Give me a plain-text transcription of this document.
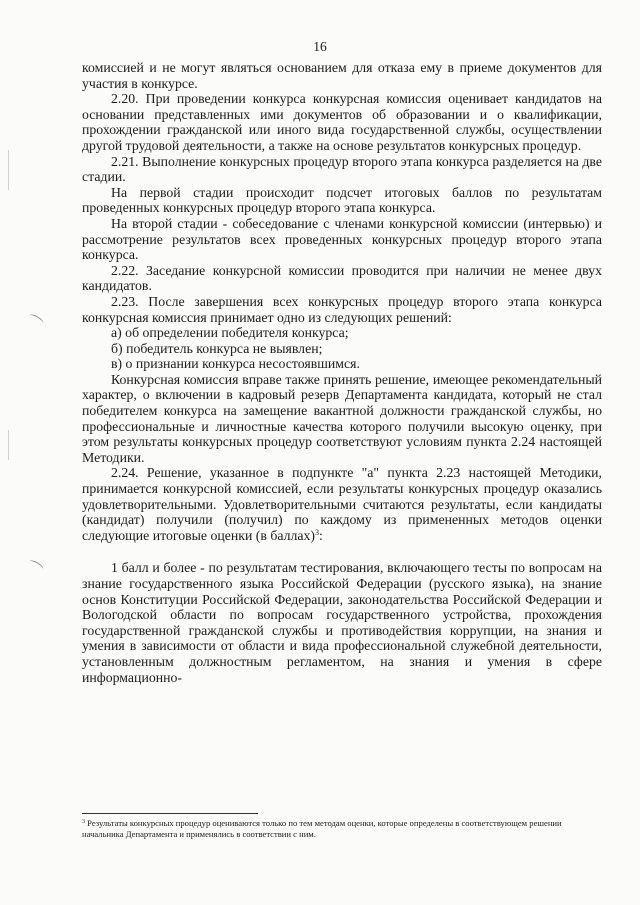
16

комиссией и не могут являться основанием для отказа ему в приеме документов для участия в конкурсе.

2.20. При проведении конкурса конкурсная комиссия оценивает кандидатов на основании представленных ими документов об образовании и о квалификации, прохождении гражданской или иного вида государственной службы, осуществлении другой трудовой деятельности, а также на основе результатов конкурсных процедур.

2.21. Выполнение конкурсных процедур второго этапа конкурса разделяется на две стадии.

На первой стадии происходит подсчет итоговых баллов по результатам проведенных конкурсных процедур второго этапа конкурса.

На второй стадии - собеседование с членами конкурсной комиссии (интервью) и рассмотрение результатов всех проведенных конкурсных процедур второго этапа конкурса.

2.22. Заседание конкурсной комиссии проводится при наличии не менее двух кандидатов.

2.23. После завершения всех конкурсных процедур второго этапа конкурса конкурсная комиссия принимает одно из следующих решений:

а) об определении победителя конкурса;

б) победитель конкурса не выявлен;

в) о признании конкурса несостоявшимся.

Конкурсная комиссия вправе также принять решение, имеющее рекомендательный характер, о включении в кадровый резерв Департамента кандидата, который не стал победителем конкурса на замещение вакантной должности гражданской службы, но профессиональные и личностные качества которого получили высокую оценку, при этом результаты конкурсных процедур соответствуют условиям пункта 2.24 настоящей Методики.

2.24. Решение, указанное в подпункте "а" пункта 2.23 настоящей Методики, принимается конкурсной комиссией, если результаты конкурсных процедур оказались удовлетворительными. Удовлетворительными считаются результаты, если кандидаты (кандидат) получили (получил) по каждому из примененных методов оценки следующие итоговые оценки (в баллах)$^3$:

1 балл и более - по результатам тестирования, включающего тесты по вопросам на знание государственного языка Российской Федерации (русского языка), на знание основ Конституции Российской Федерации, законодательства Российской Федерации и Вологодской области по вопросам государственного устройства, прохождения государственной гражданской службы и противодействия коррупции, на знания и умения в зависимости от области и вида профессиональной служебной деятельности, установленным должностным регламентом, на знания и умения в сфере информационно-

$^3$ Результаты конкурсных процедур оцениваются только по тем методам оценки, которые определены в соответствующем решении начальника Департамента и применялись в соответствии с ним.
